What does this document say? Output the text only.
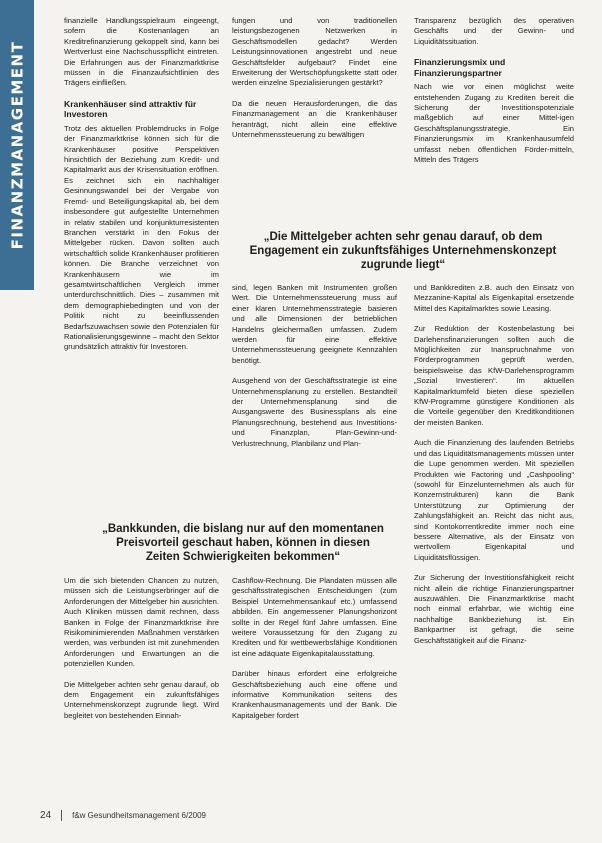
FINANZMANAGEMENT

finanzielle Handlungsspielraum eingeengt, sofern die Kostenanlagen an Kreditrefinanzierung gekoppelt sind, kann bei Wertverlust eine Nachschusspflicht eintreten. Die Erfahrungen aus der Finanzmarktkrise müssen in die Finanzaufsichtlinien des Trägers einfließen.

Krankenhäuser sind attraktiv für Investoren

Trotz des aktuellen Problemdrucks in Folge der Finanzmarktkrise können sich für die Krankenhäuser positive Perspektiven hinsichtlich der Beziehung zum Kredit- und Kapitalmarkt aus der Krisensituation eröffnen. Es zeichnet sich ein nachhaltiger Gesinnungswandel bei der Vergabe von Fremd- und Beteiligungskapital ab, bei dem insbesondere gut aufgestellte Unternehmen in relativ stabilen und konjunkturresistenten Branchen verstärkt in den Fokus der Mittelgeber rücken. Davon sollten auch wirtschaftlich solide Krankenhäuser profitieren können. Die Branche verzeichnet von Krankenhäusern wie im gesamtwirtschaftlichen Vergleich immer unterdurchschnittlich. Dies – zusammen mit dem demographiebedingten und von der Politik nicht zu beeinflussenden Bedarfszuwachsen sowie den Potenzialen für Rationalisierungsgewinne – macht den Sektor grundsätzlich attraktiv für Investoren.

fungen und von traditionellen leistungsbezogenen Netzwerken in Geschäftsmodellen gedacht? Werden Leistungsinnovationen angestrebt und neue Geschäftsfelder aufgebaut? Findet eine Erweiterung der Wertschöpfungskette statt oder werden einzelne Spezialisierungen gestärkt?

Da die neuen Herausforderungen, die das Finanzmanagement an die Krankenhäuser heranträgt, nicht allein eine effektive Unternehmenssteuerung zu bewältigen

Transparenz bezüglich des operativen Geschäfts und der Gewinn- und Liquiditätssituation.

Finanzierungsmix und Finanzierungspartner

Nach wie vor einen möglichst weite entstehenden Zugang zu Krediten bereit die Sicherung der Investitionspotenziale maßgeblich auf einer Mittel-igen Geschäftsplanungsstrategie. Ein Finanzierungsmix im Krankenhausumfeld umfasst neben öffentlichen Förder-mitteln, Mitteln des Trägers

„Die Mittelgeber achten sehr genau darauf, ob dem Engagement ein zukunftsfähiges Unternehmenskonzept zugrunde liegt“

sind, legen Banken mit Instrumenten großen Wert. Die Unternehmenssteuerung muss auf einer klaren Unternehmensstrategie basieren und alle Dimensionen der betrieblichen Handelns gleichermaßen umfassen. Zudem werden für eine effektive Unternehmenssteuerung geeignete Kennzahlen benötigt.

Ausgehend von der Geschäftsstrategie ist eine Unternehmensplanung zu erstellen. Bestandteil der Unternehmensplanung sind die Ausgangswerte des Businessplans als eine Planungsrechnung, bestehend aus Investitions- und Finanzplan, Plan-Gewinn-und-Verlustrechnung, Planbilanz und Plan-

und Bankkrediten z.B. auch den Einsatz von Mezzanine-Kapital als Eigenkapital ersetzende Mittel des Kapitalmarktes sowie Leasing.

Zur Reduktion der Kostenbelastung bei Darlehensfinanzierungen sollten auch die Möglichkeiten zur Inanspruchnahme von Förderprogrammen geprüft werden, beispielsweise das KfW-Darlehensprogramm „Sozial Investieren“. Im aktuellen Kapitalmarktumfeld bieten diese speziellen KfW-Programme günstigere Konditionen als die Vorteile gegenüber den Kreditkonditionen der meisten Banken.

Auch die Finanzierung des laufenden Betriebs und das Liquiditätsmanagements müssen unter die Lupe genommen werden. Mit speziellen Produkten wie Factoring und „Cashpooling“ (sowohl für Einzelunternehmen als auch für Konzernstrukturen) kann die Bank Unterstützung zur Optimierung der Zahlungsfähigkeit an. Reicht das nicht aus, sind Kontokorrentkredite immer noch eine bessere Alternative, als der Einsatz von wertvollem Eigenkapital und Liquiditätsflüssigen.

Zur Sicherung der Investitionsfähigkeit reicht nicht allein die richtige Finanzierungspartner auszuwählen. Die Finanzmarktkrise macht noch einmal erfahrbar, wie wichtig eine nachhaltige Bankbeziehung ist. Ein Bankpartner ist gefragt, die seine Geschäftstätigkeit auf die Finanz-

„Bankkunden, die bislang nur auf den momentanen Preisvorteil geschaut haben, können in diesen Zeiten Schwierigkeiten bekommen“

Um die sich bietenden Chancen zu nutzen, müssen sich die Leistungserbringer auf die Anforderungen der Mittelgeber hin ausrichten. Auch Kliniken müssen damit rechnen, dass Banken in Folge der Finanzmarktkrise ihre Risikominimierenden Maßnahmen verstärken werden, was verbunden ist mit zunehmenden Anforderungen und Erwartungen an die potenziellen Kunden.

Die Mittelgeber achten sehr genau darauf, ob dem Engagement ein zukunftsfähiges Unternehmenskonzept zugrunde liegt. Wird begleitet von bestehenden Einnah-

Cashflow-Rechnung. Die Plandaten müssen alle geschäftsstrategischen Entscheidungen (zum Beispiel Unternehmensankauf etc.) umfassend abbilden. Ein angemessener Planungshorizont sollte in der Regel fünf Jahre umfassen. Eine weitere Voraussetzung für den Zugang zu Krediten und für wettbewerbsfähige Konditionen ist eine adäquate Eigenkapitalausstattung.

Darüber hinaus erfordert eine erfolgreiche Geschäftsbeziehung auch eine offene und informative Kommunikation seitens des Krankenhausmanagements und der Bank. Die Kapitalgeber fordert

24	f&w Gesundheitsmanagement 6/2009
